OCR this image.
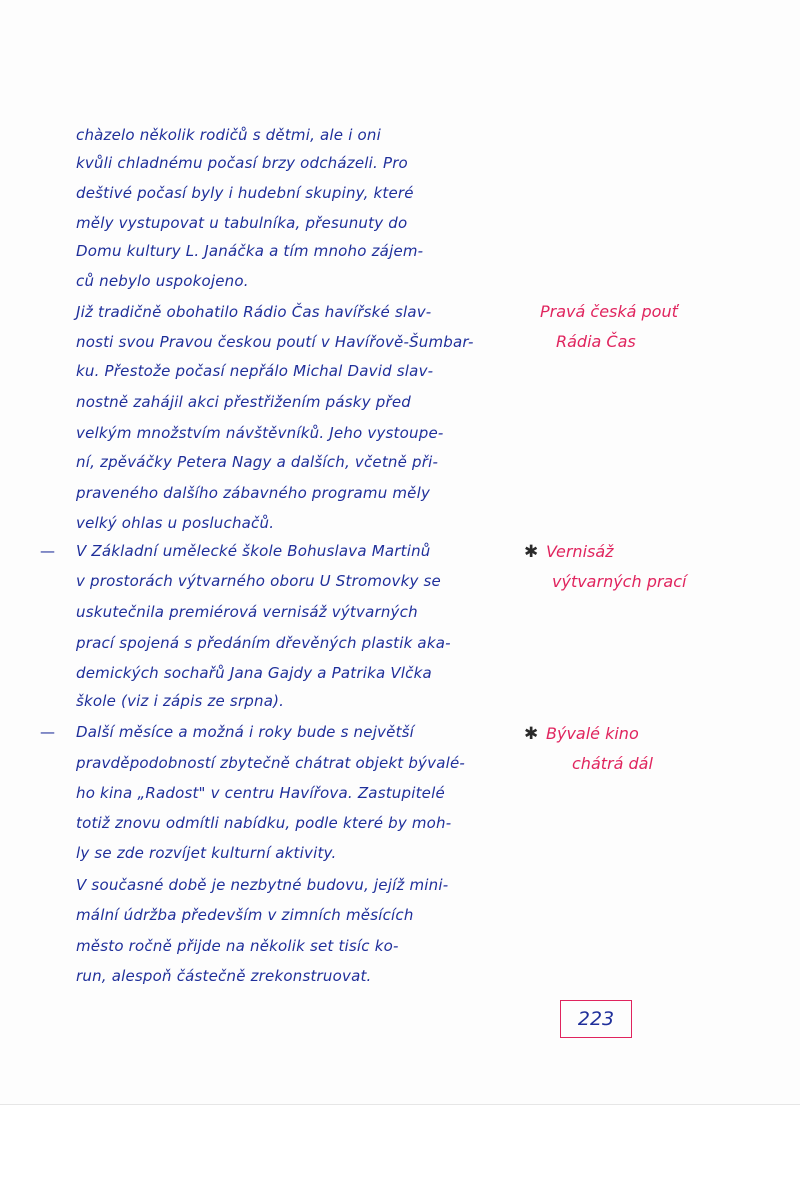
chàzelo několik rodičů s dětmi, ale i oni
kvůli chladnému počasí brzy odcházeli. Pro
deštivé počasí byly i hudební skupiny, které
měly vystupovat u tabulníka, přesunuty do
Domu kultury L. Janáčka a tím mnoho zájem-
ců nebylo uspokojeno.
Již tradičně obohatilo Rádio Čas havířské slav-
nosti svou Pravou českou poutí v Havířově-Šumbar-
ku. Přestože počasí nepřálo Michal David slav-
nostně zahájil akci přestřižením pásky před
velkým množstvím návštěvníků. Jeho vystoupe-
ní, zpěváčky Petera Nagy a dalších, včetně při-
praveného dalšího zábavného programu měly
velký ohlas u posluchačů.
— V Základní umělecké škole Bohuslava Martinů
v prostorách výtvarného oboru U Stromovky se
uskutečnila premiérová vernisáž výtvarných
prací spojená s předáním dřevěných plastik aka-
demických sochařů Jana Gajdy a Patrika Vlčka
škole (viz i zápis ze srpna).
— Další měsíce a možná i roky bude s největší
pravděpodobností zbytečně chátrat objekt bývalé-
ho kina „Radost" v centru Havířova. Zastupitelé
totiž znovu odmítli nabídku, podle které by moh-
ly se zde rozvíjet kulturní aktivity.
V současné době je nezbytné budovu, jejíž mini-
mální údržba především v zimních měsících
město ročně přijde na několik set tisíc ko-
run, alespoň částečně zrekonstruovat.
Pravá česká pouť
Rádia Čas
✱ Vernisáž
výtvarných prací
✱ Bývalé kino
chátrá dál
223
